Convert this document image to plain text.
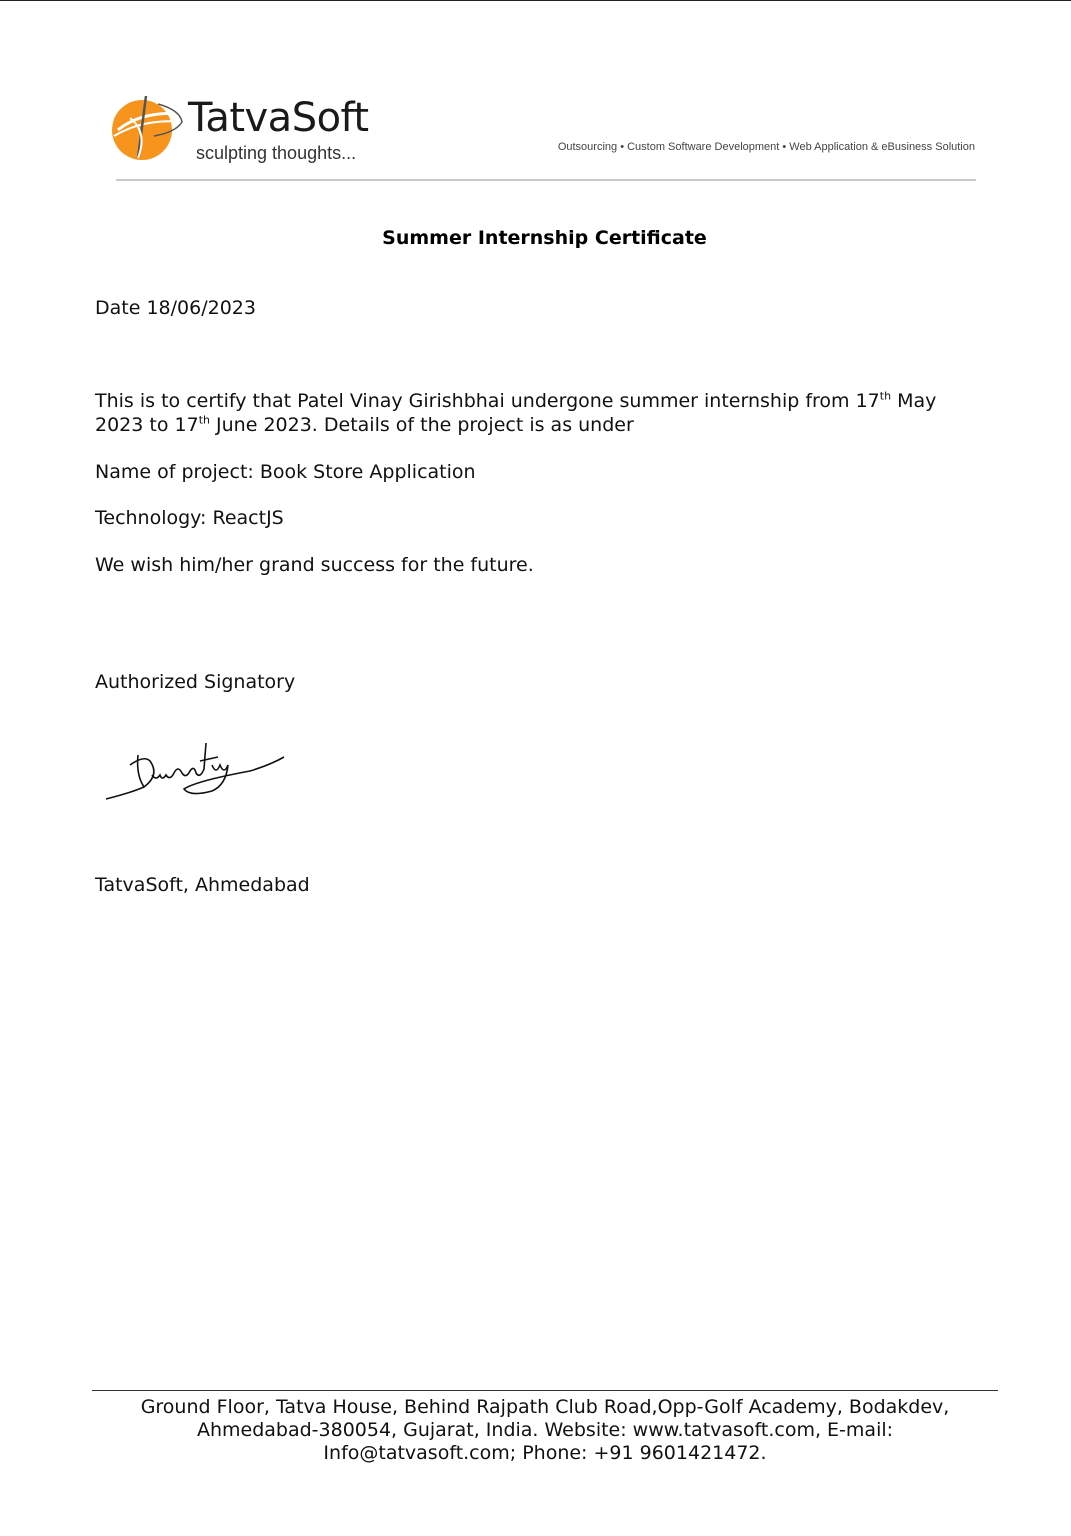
TatvaSoft
sculpting thoughts...	Outsourcing • Custom Software Development • Web Application & eBusiness Solution
Summer Internship Certificate
Date 18/06/2023
This is to certify that Patel Vinay Girishbhai undergone summer internship from 17th May 2023 to 17th June 2023. Details of the project is as under
Name of project: Book Store Application
Technology: ReactJS
We wish him/her grand success for the future.
Authorized Signatory
TatvaSoft, Ahmedabad
Ground Floor, Tatva House, Behind Rajpath Club Road,Opp-Golf Academy, Bodakdev,
Ahmedabad-380054, Gujarat, India. Website: www.tatvasoft.com, E-mail:
Info@tatvasoft.com; Phone: +91 9601421472.
